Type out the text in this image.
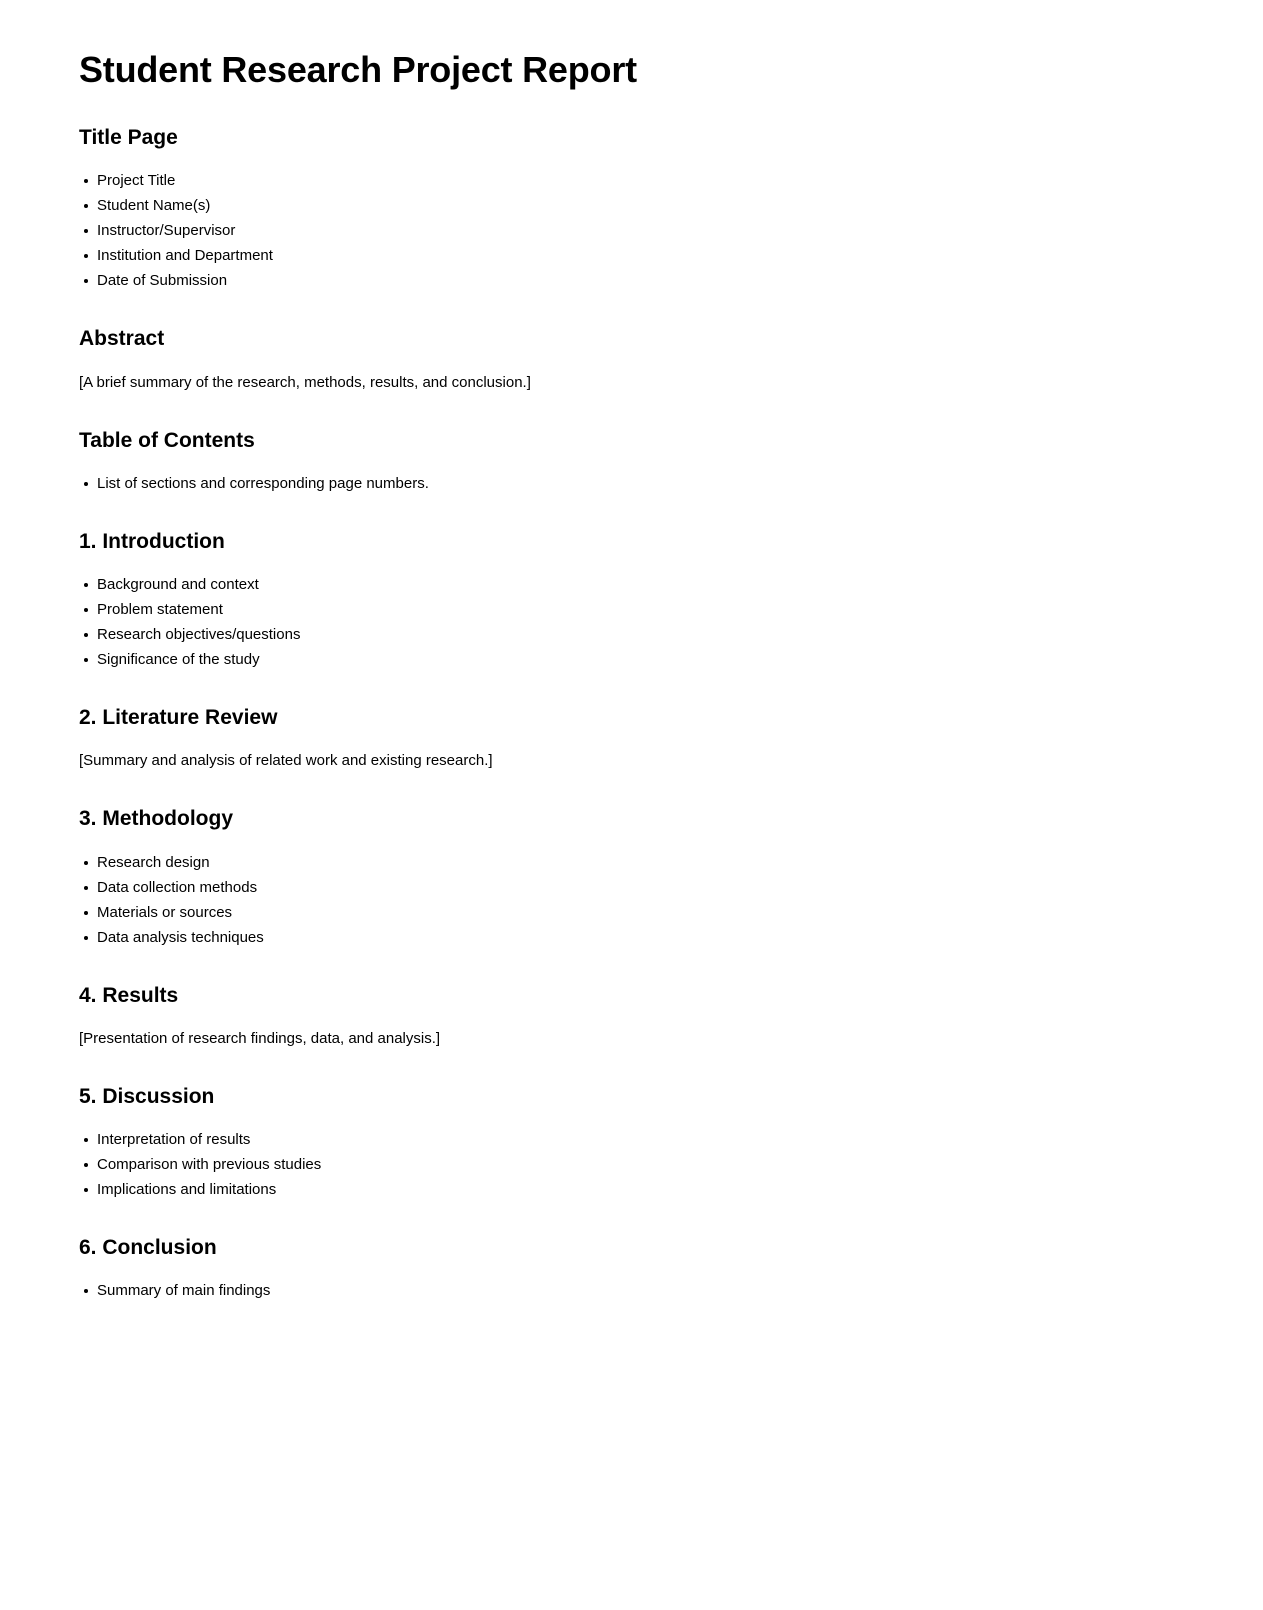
Student Research Project Report
Title Page
Project Title
Student Name(s)
Instructor/Supervisor
Institution and Department
Date of Submission
Abstract

[A brief summary of the research, methods, results, and conclusion.]

Table of Contents
List of sections and corresponding page numbers.
1. Introduction
Background and context
Problem statement
Research objectives/questions
Significance of the study
2. Literature Review

[Summary and analysis of related work and existing research.]

3. Methodology
Research design
Data collection methods
Materials or sources
Data analysis techniques
4. Results

[Presentation of research findings, data, and analysis.]

5. Discussion
Interpretation of results
Comparison with previous studies
Implications and limitations
6. Conclusion
Summary of main findings
